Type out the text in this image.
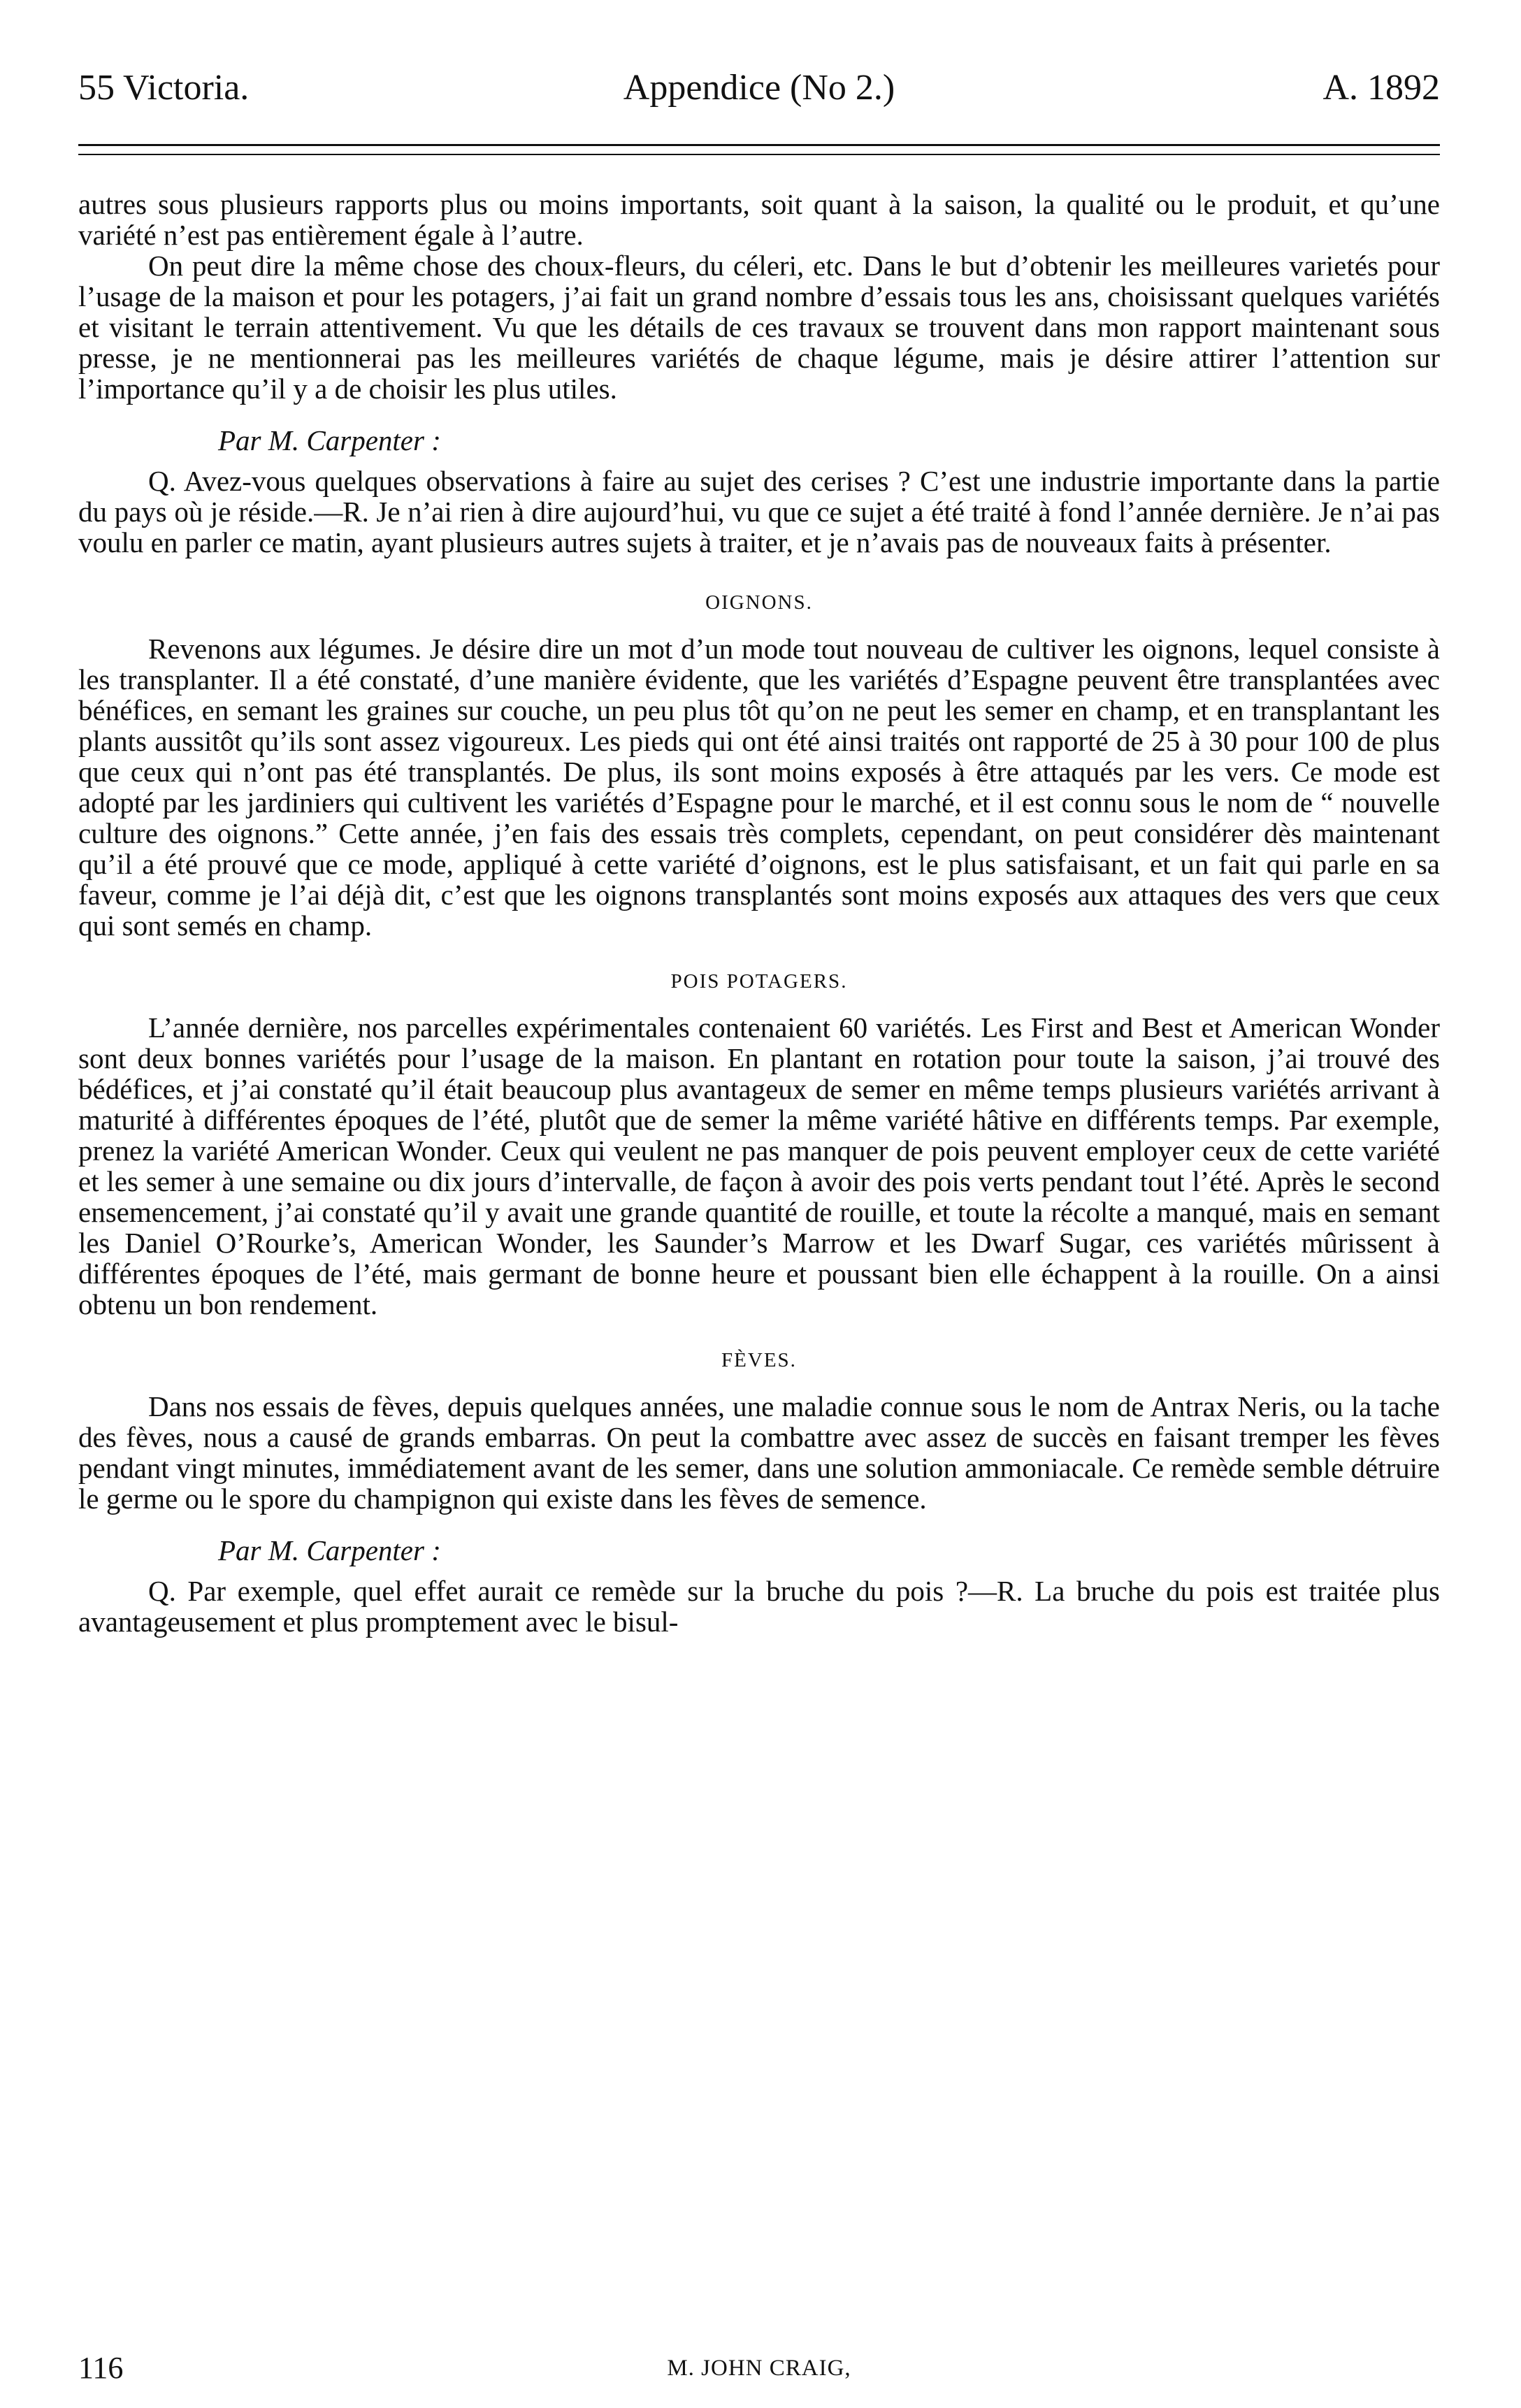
55 Victoria.	Appendice (No 2.)	A. 1892

autres sous plusieurs rapports plus ou moins importants, soit quant à la saison, la qualité ou le produit, et qu’une variété n’est pas entièrement égale à l’autre.

On peut dire la même chose des choux-fleurs, du céleri, etc. Dans le but d’obtenir les meilleures varietés pour l’usage de la maison et pour les potagers, j’ai fait un grand nombre d’essais tous les ans, choisissant quelques variétés et visitant le terrain attentivement. Vu que les détails de ces travaux se trouvent dans mon rapport maintenant sous presse, je ne mentionnerai pas les meilleures variétés de chaque légume, mais je désire attirer l’attention sur l’importance qu’il y a de choisir les plus utiles.

Par M. Carpenter :

Q. Avez-vous quelques observations à faire au sujet des cerises ? C’est une industrie importante dans la partie du pays où je réside.—R. Je n’ai rien à dire aujourd’hui, vu que ce sujet a été traité à fond l’année dernière. Je n’ai pas voulu en parler ce matin, ayant plusieurs autres sujets à traiter, et je n’avais pas de nouveaux faits à présenter.

OIGNONS.

Revenons aux légumes. Je désire dire un mot d’un mode tout nouveau de cultiver les oignons, lequel consiste à les transplanter. Il a été constaté, d’une manière évidente, que les variétés d’Espagne peuvent être transplantées avec bénéfices, en semant les graines sur couche, un peu plus tôt qu’on ne peut les semer en champ, et en transplantant les plants aussitôt qu’ils sont assez vigoureux. Les pieds qui ont été ainsi traités ont rapporté de 25 à 30 pour 100 de plus que ceux qui n’ont pas été transplantés. De plus, ils sont moins exposés à être attaqués par les vers. Ce mode est adopté par les jardiniers qui cultivent les variétés d’Espagne pour le marché, et il est connu sous le nom de “ nouvelle culture des oignons.” Cette année, j’en fais des essais très complets, cependant, on peut considérer dès maintenant qu’il a été prouvé que ce mode, appliqué à cette variété d’oignons, est le plus satisfaisant, et un fait qui parle en sa faveur, comme je l’ai déjà dit, c’est que les oignons transplantés sont moins exposés aux attaques des vers que ceux qui sont semés en champ.

POIS POTAGERS.

L’année dernière, nos parcelles expérimentales contenaient 60 variétés. Les First and Best et American Wonder sont deux bonnes variétés pour l’usage de la maison. En plantant en rotation pour toute la saison, j’ai trouvé des bédéfices, et j’ai constaté qu’il était beaucoup plus avantageux de semer en même temps plusieurs variétés arrivant à maturité à différentes époques de l’été, plutôt que de semer la même variété hâtive en différents temps. Par exemple, prenez la variété American Wonder. Ceux qui veulent ne pas manquer de pois peuvent employer ceux de cette variété et les semer à une semaine ou dix jours d’intervalle, de façon à avoir des pois verts pendant tout l’été. Après le second ensemencement, j’ai constaté qu’il y avait une grande quantité de rouille, et toute la récolte a manqué, mais en semant les Daniel O’Rourke’s, American Wonder, les Saunder’s Marrow et les Dwarf Sugar, ces variétés mûrissent à différentes époques de l’été, mais germant de bonne heure et poussant bien elle échappent à la rouille. On a ainsi obtenu un bon rendement.

FÈVES.

Dans nos essais de fèves, depuis quelques années, une maladie connue sous le nom de Antrax Neris, ou la tache des fèves, nous a causé de grands embarras. On peut la combattre avec assez de succès en faisant tremper les fèves pendant vingt minutes, immédiatement avant de les semer, dans une solution ammoniacale. Ce remède semble détruire le germe ou le spore du champignon qui existe dans les fèves de semence.

Par M. Carpenter :

Q. Par exemple, quel effet aurait ce remède sur la bruche du pois ?—R. La bruche du pois est traitée plus avantageusement et plus promptement avec le bisul-

116	M. JOHN CRAIG,
